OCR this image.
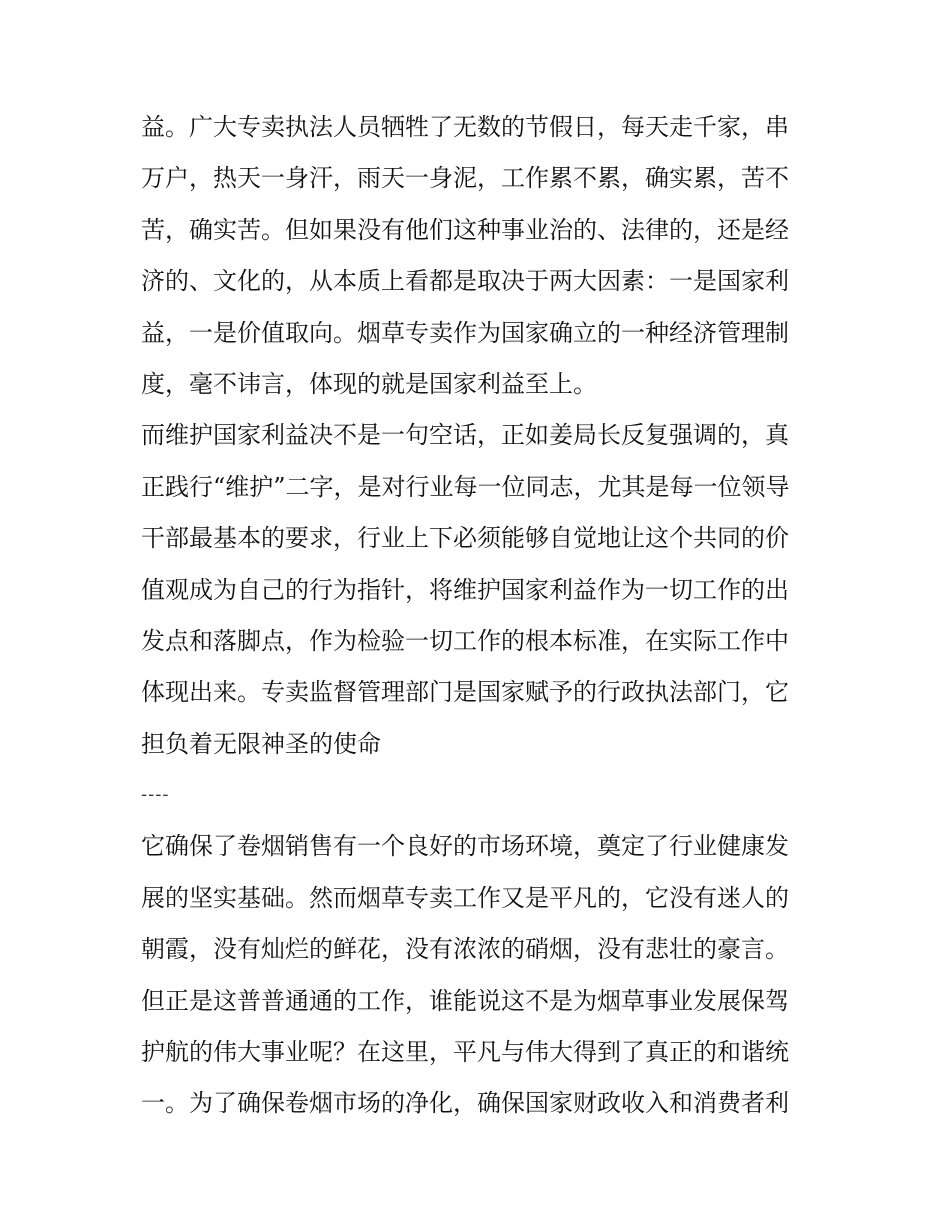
益。广大专卖执法人员牺牲了无数的节假日，每天走千家，串
万户，热天一身汗，雨天一身泥，工作累不累，确实累，苦不
苦，确实苦。但如果没有他们这种事业治的、法律的，还是经
济的、文化的，从本质上看都是取决于两大因素：一是国家利
益，一是价值取向。烟草专卖作为国家确立的一种经济管理制
度，毫不讳言，体现的就是国家利益至上。
而维护国家利益决不是一句空话，正如姜局长反复强调的，真
正践行“维护”二字，是对行业每一位同志，尤其是每一位领导
干部最基本的要求，行业上下必须能够自觉地让这个共同的价
值观成为自己的行为指针，将维护国家利益作为一切工作的出
发点和落脚点，作为检验一切工作的根本标准，在实际工作中
体现出来。专卖监督管理部门是国家赋予的行政执法部门，它
担负着无限神圣的使命
----
它确保了卷烟销售有一个良好的市场环境，奠定了行业健康发
展的坚实基础。然而烟草专卖工作又是平凡的，它没有迷人的
朝霞，没有灿烂的鲜花，没有浓浓的硝烟，没有悲壮的豪言。
但正是这普普通通的工作，谁能说这不是为烟草事业发展保驾
护航的伟大事业呢？在这里，平凡与伟大得到了真正的和谐统
一。为了确保卷烟市场的净化，确保国家财政收入和消费者利
